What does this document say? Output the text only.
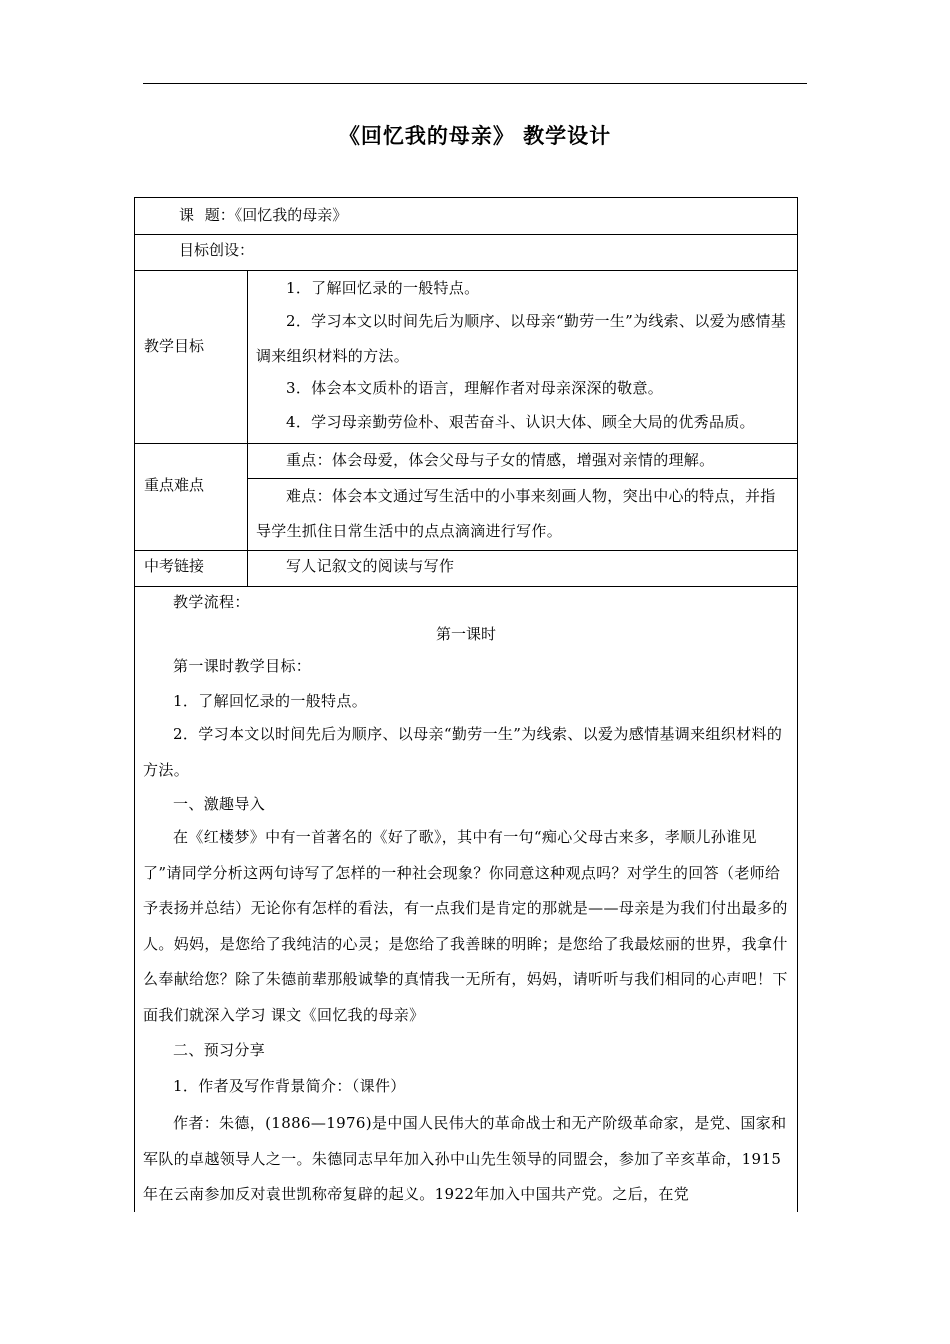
《回忆我的母亲》 教学设计
课 题：《回忆我的母亲》
目标创设：
教学目标

1．了解回忆录的一般特点。

2．学习本文以时间先后为顺序、以母亲“勤劳一生”为线索、以爱为感情基调来组织材料的方法。

3．体会本文质朴的语言，理解作者对母亲深深的敬意。

4．学习母亲勤劳俭朴、艰苦奋斗、认识大体、顾全大局的优秀品质。

重点难点

重点：体会母爱，体会父母与子女的情感，增强对亲情的理解。

难点：体会本文通过写生活中的小事来刻画人物，突出中心的特点，并指导学生抓住日常生活中的点点滴滴进行写作。

中考链接	写人记叙文的阅读与写作

教学流程：

第一课时

第一课时教学目标：

1．了解回忆录的一般特点。

2．学习本文以时间先后为顺序、以母亲“勤劳一生”为线索、以爱为感情基调来组织材料的方法。

一、激趣导入

在《红楼梦》中有一首著名的《好了歌》，其中有一句“痴心父母古来多，孝顺儿孙谁见了”请同学分析这两句诗写了怎样的一种社会现象？你同意这种观点吗？对学生的回答（老师给予表扬并总结）无论你有怎样的看法，有一点我们是肯定的那就是——母亲是为我们付出最多的人。妈妈，是您给了我纯洁的心灵；是您给了我善睐的明眸；是您给了我最炫丽的世界，我拿什么奉献给您？除了朱德前辈那般诚挚的真情我一无所有，妈妈，请听听与我们相同的心声吧！下面我们就深入学习 课文《回忆我的母亲》

二、预习分享

1．作者及写作背景简介：（课件）

作者：朱德，(1886—1976)是中国人民伟大的革命战士和无产阶级革命家，是党、国家和军队的卓越领导人之一。朱德同志早年加入孙中山先生领导的同盟会，参加了辛亥革命，1915年在云南参加反对袁世凯称帝复辟的起义。1922年加入中国共产党。之后，在党
